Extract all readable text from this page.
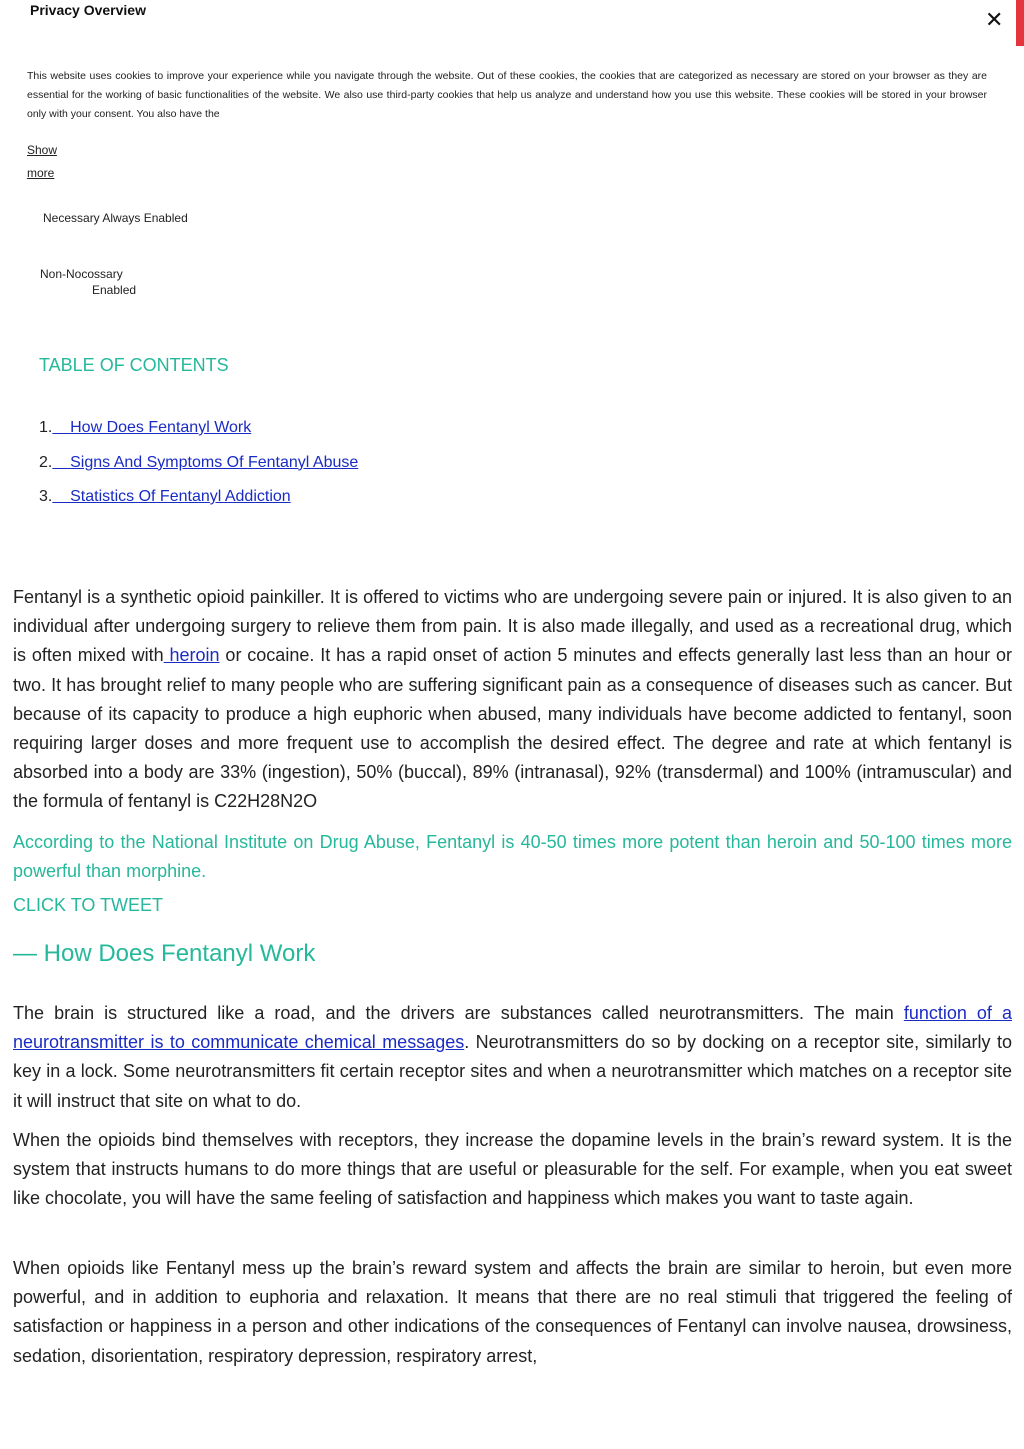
Privacy Overview	✕
This website uses cookies to improve your experience while you navigate through the website. Out of these cookies, the cookies that are categorized as necessary are stored on your browser as they are essential for the working of basic functionalities of the website. We also use third-party cookies that help us analyze and understand how you use this website. These cookies will be stored in your browser only with your consent. You also have the
Show
more
Necessary Always Enabled
Non-Nocossary
Enabled
TABLE OF CONTENTS
1. How Does Fentanyl Work
2. Signs And Symptoms Of Fentanyl Abuse
3. Statistics Of Fentanyl Addiction

Fentanyl is a synthetic opioid painkiller. It is offered to victims who are undergoing severe pain or injured. It is also given to an individual after undergoing surgery to relieve them from pain. It is also made illegally, and used as a recreational drug, which is often mixed with heroin or cocaine. It has a rapid onset of action 5 minutes and effects generally last less than an hour or two. It has brought relief to many people who are suffering significant pain as a consequence of diseases such as cancer. But because of its capacity to produce a high euphoric when abused, many individuals have become addicted to fentanyl, soon requiring larger doses and more frequent use to accomplish the desired effect. The degree and rate at which fentanyl is absorbed into a body are 33% (ingestion), 50% (buccal), 89% (intranasal), 92% (transdermal) and 100% (intramuscular) and the formula of fentanyl is C22H28N2O

According to the National Institute on Drug Abuse, Fentanyl is 40-50 times more potent than heroin and 50-100 times more powerful than morphine.

CLICK TO TWEET
— How Does Fentanyl Work

The brain is structured like a road, and the drivers are substances called neurotransmitters. The main function of a neurotransmitter is to communicate chemical messages. Neurotransmitters do so by docking on a receptor site, similarly to key in a lock. Some neurotransmitters fit certain receptor sites and when a neurotransmitter which matches on a receptor site it will instruct that site on what to do.

When the opioids bind themselves with receptors, they increase the dopamine levels in the brain’s reward system. It is the system that instructs humans to do more things that are useful or pleasurable for the self. For example, when you eat sweet like chocolate, you will have the same feeling of satisfaction and happiness which makes you want to taste again.

When opioids like Fentanyl mess up the brain’s reward system and affects the brain are similar to heroin, but even more powerful, and in addition to euphoria and relaxation. It means that there are no real stimuli that triggered the feeling of satisfaction or happiness in a person and other indications of the consequences of Fentanyl can involve nausea, drowsiness, sedation, disorientation, respiratory depression, respiratory arrest,
